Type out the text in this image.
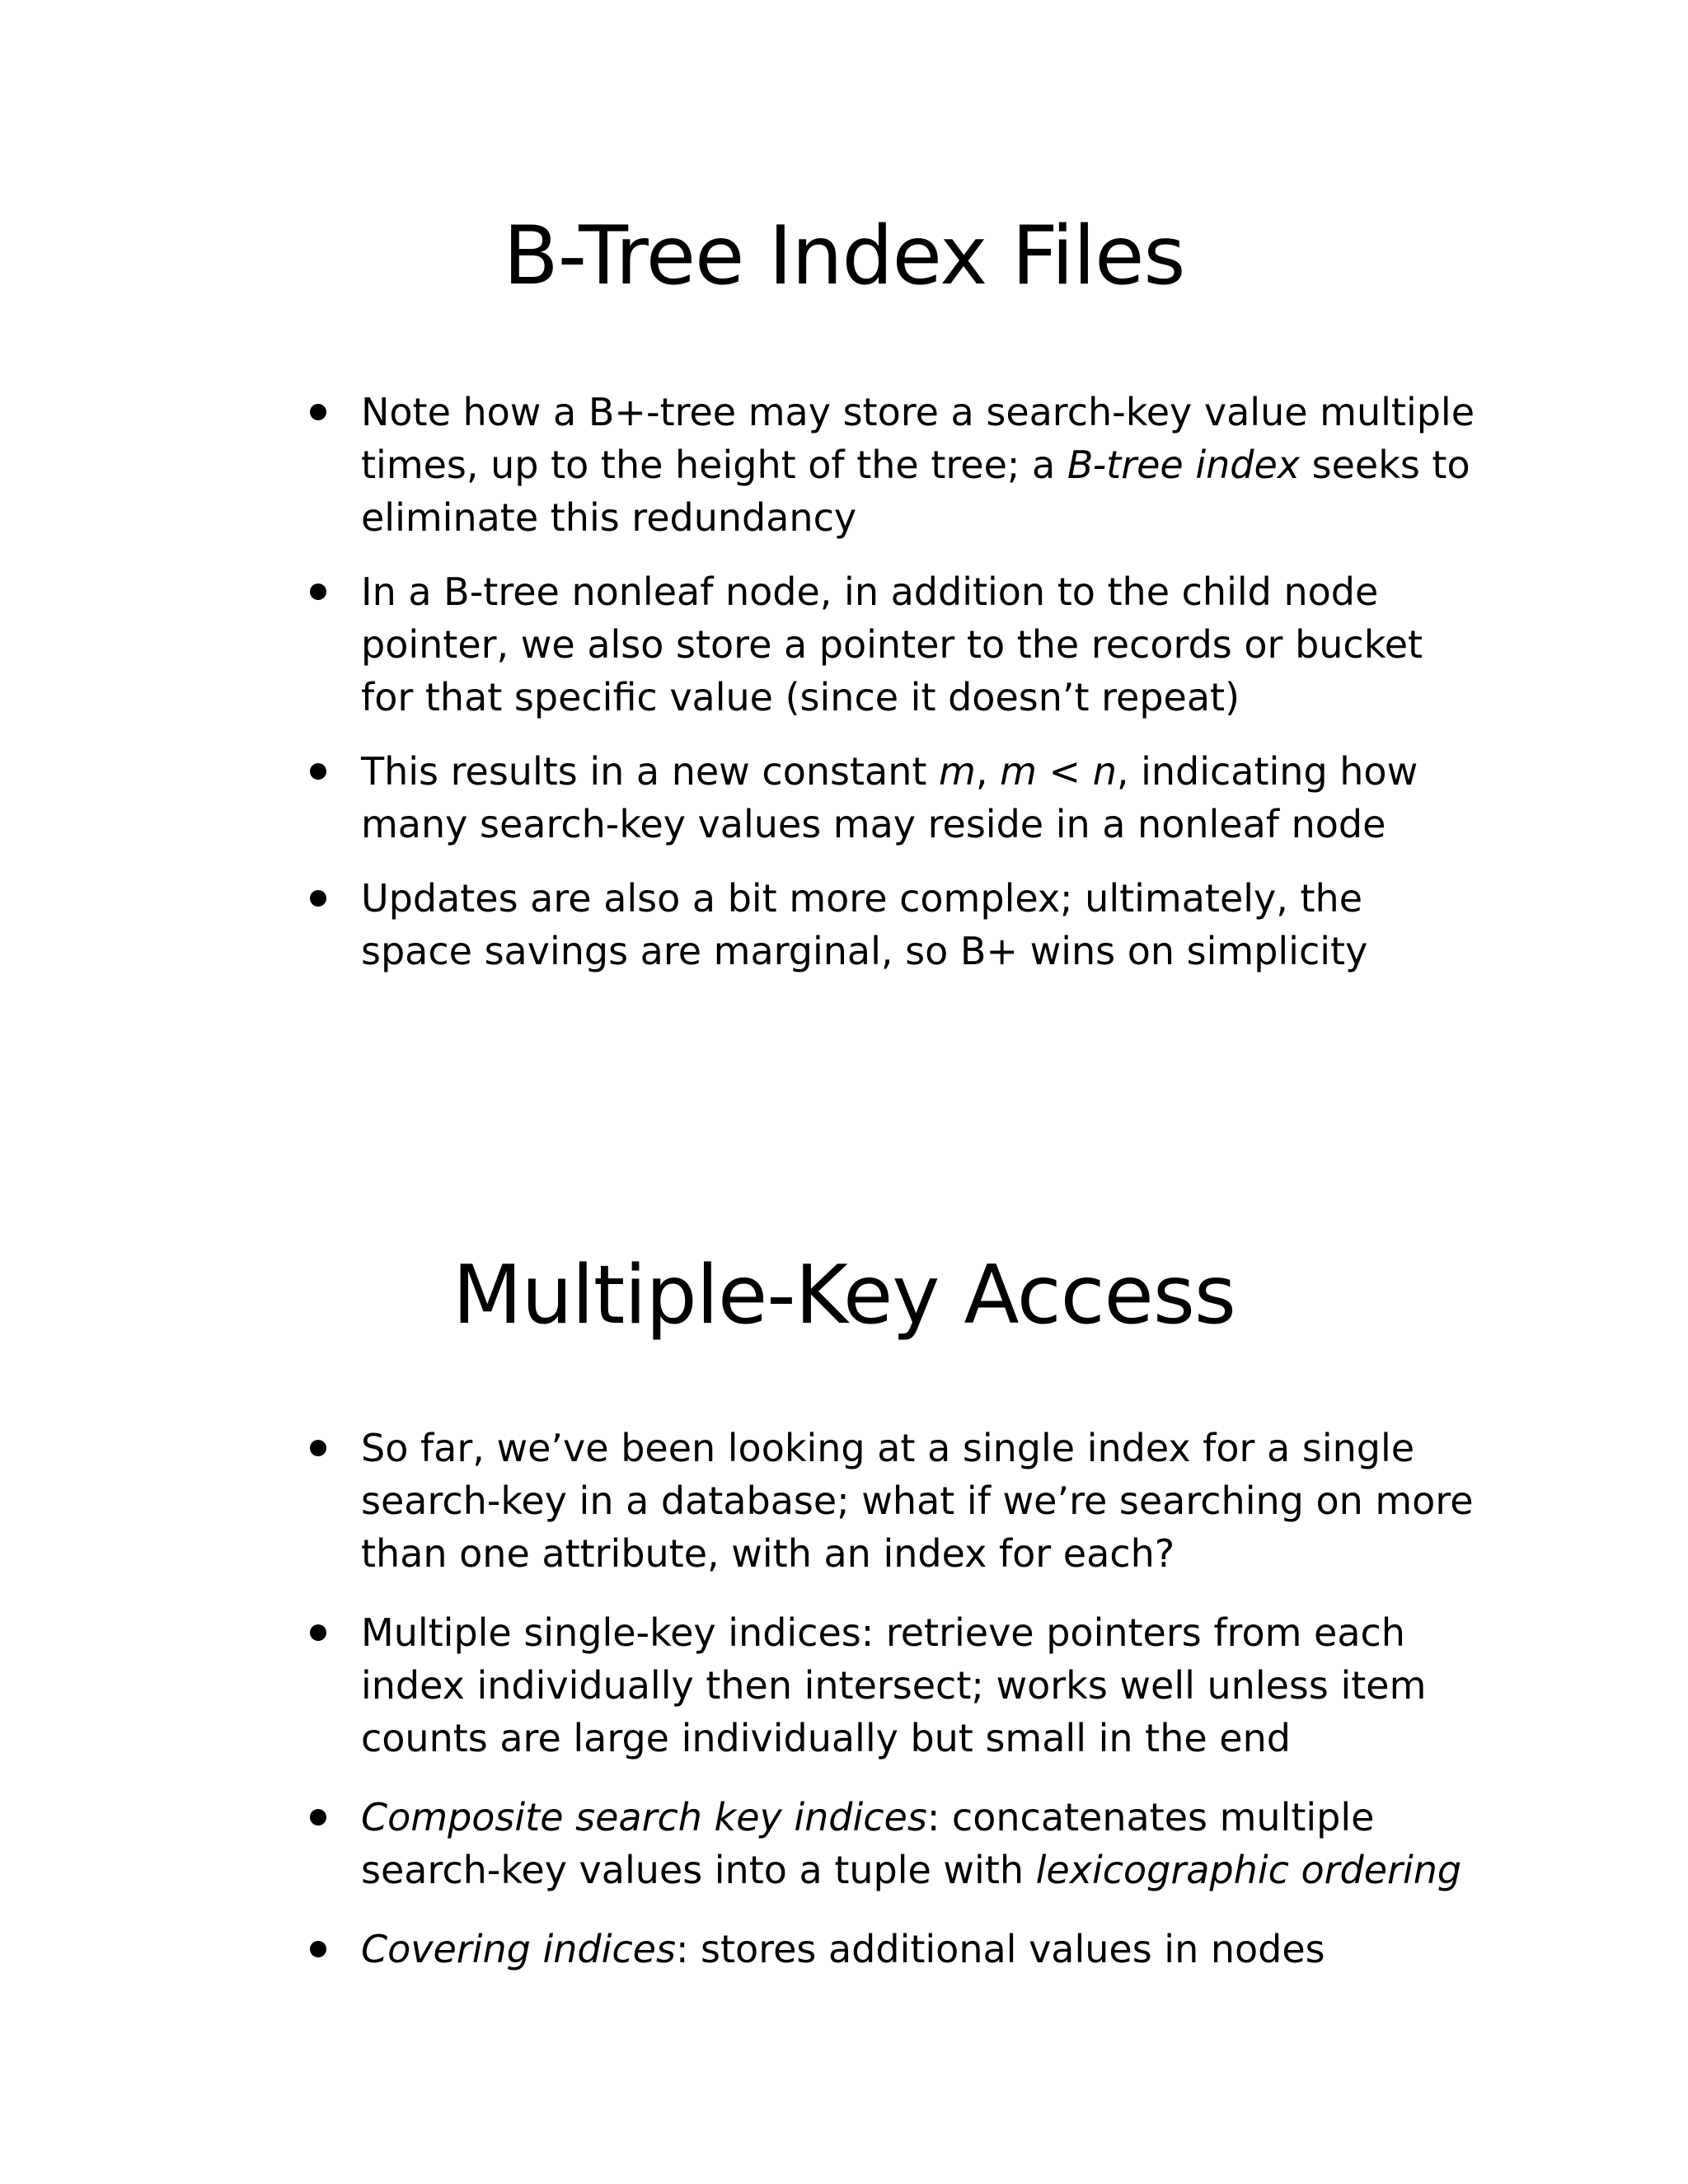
B-Tree Index Files
Note how a B+-tree may store a search-key value multiple times, up to the height of the tree; a B-tree index seeks to eliminate this redundancy
In a B-tree nonleaf node, in addition to the child node pointer, we also store a pointer to the records or bucket for that specific value (since it doesn’t repeat)
This results in a new constant m, m < n, indicating how many search-key values may reside in a nonleaf node
Updates are also a bit more complex; ultimately, the space savings are marginal, so B+ wins on simplicity
Multiple-Key Access
So far, we’ve been looking at a single index for a single search-key in a database; what if we’re searching on more than one attribute, with an index for each?
Multiple single-key indices: retrieve pointers from each index individually then intersect; works well unless item counts are large individually but small in the end
Composite search key indices: concatenates multiple search-key values into a tuple with lexicographic ordering
Covering indices: stores additional values in nodes
